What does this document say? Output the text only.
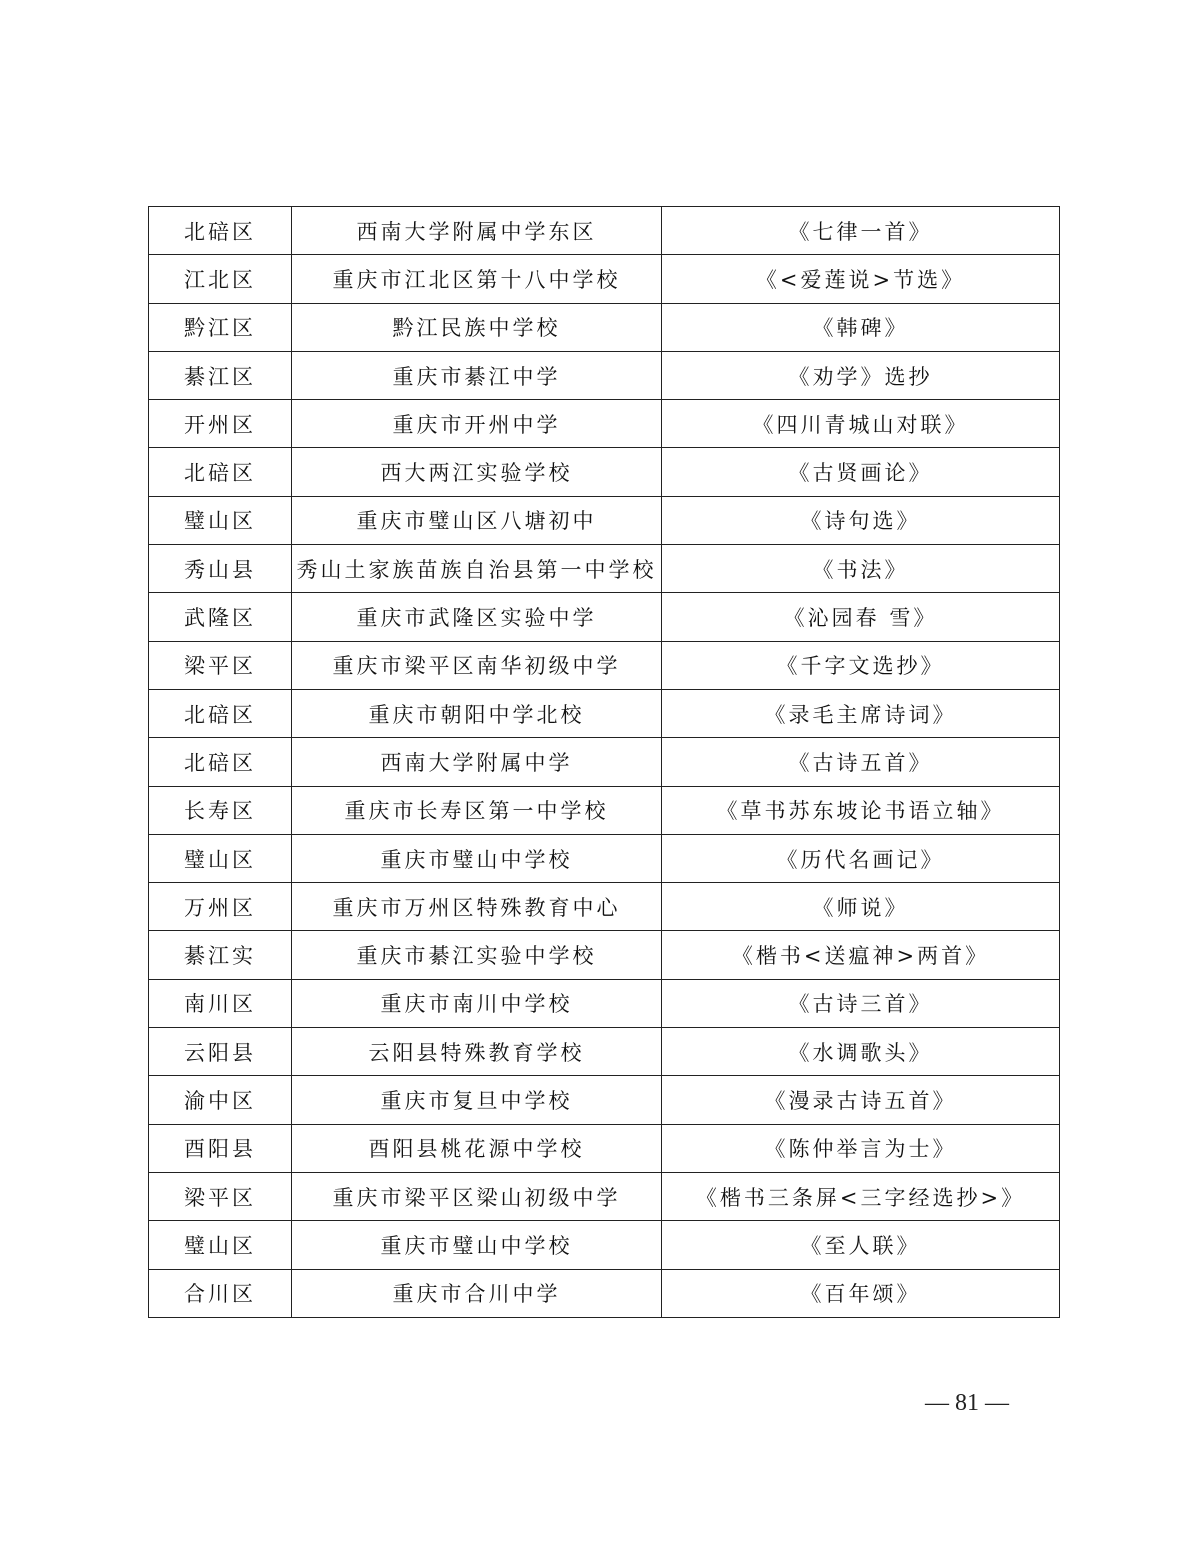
北碚区	西南大学附属中学东区	《七律一首》
江北区	重庆市江北区第十八中学校	《<爱莲说>节选》
黔江区	黔江民族中学校	《韩碑》
綦江区	重庆市綦江中学	《劝学》选抄
开州区	重庆市开州中学	《四川青城山对联》
北碚区	西大两江实验学校	《古贤画论》
璧山区	重庆市璧山区八塘初中	《诗句选》
秀山县	秀山土家族苗族自治县第一中学校	《书法》
武隆区	重庆市武隆区实验中学	《沁园春 雪》
梁平区	重庆市梁平区南华初级中学	《千字文选抄》
北碚区	重庆市朝阳中学北校	《录毛主席诗词》
北碚区	西南大学附属中学	《古诗五首》
长寿区	重庆市长寿区第一中学校	《草书苏东坡论书语立轴》
璧山区	重庆市璧山中学校	《历代名画记》
万州区	重庆市万州区特殊教育中心	《师说》
綦江实	重庆市綦江实验中学校	《楷书<送瘟神>两首》
南川区	重庆市南川中学校	《古诗三首》
云阳县	云阳县特殊教育学校	《水调歌头》
渝中区	重庆市复旦中学校	《漫录古诗五首》
酉阳县	酉阳县桃花源中学校	《陈仲举言为士》
梁平区	重庆市梁平区梁山初级中学	《楷书三条屏<三字经选抄>》
璧山区	重庆市璧山中学校	《至人联》
合川区	重庆市合川中学	《百年颂》
— 81 —
